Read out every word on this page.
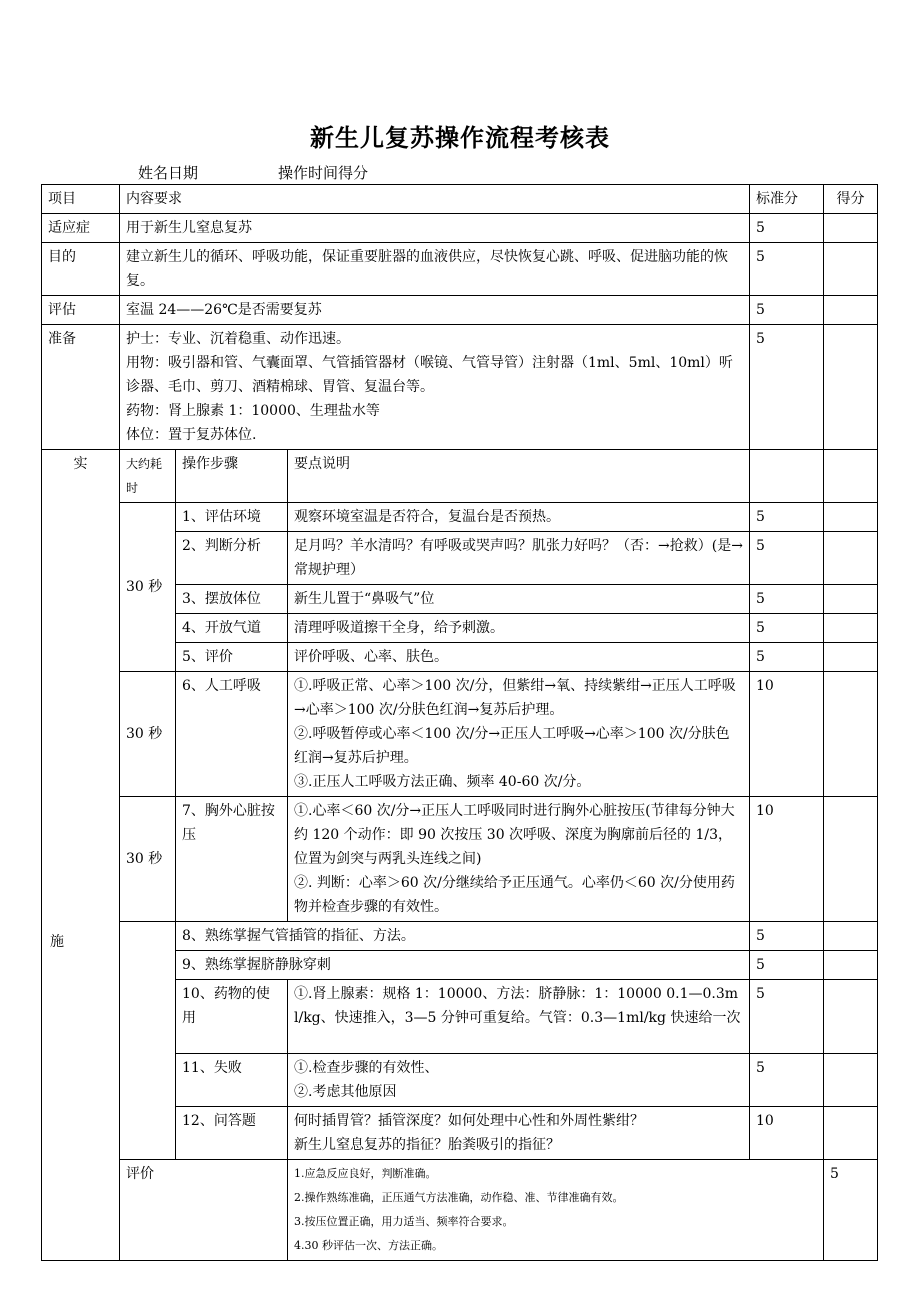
新生儿复苏操作流程考核表
姓名日期	操作时间得分
项目	内容要求			标准分	得分	
适应症	用于新生儿窒息复苏			5		
目的	建立新生儿的循环、呼吸功能，保证重要脏器的血液供应，尽快恢复心跳、呼吸、促进脑功能的恢复。			5		
评估	室温 24——26℃是否需要复苏			5		
准备	护士：专业、沉着稳重、动作迅速。
用物：吸引器和管、气囊面罩、气管插管器材（喉镜、气管导管）注射器（1ml、5ml、10ml）听诊器、毛巾、剪刀、酒精棉球、胃管、复温台等。
药物：肾上腺素 1：10000、生理盐水等
体位：置于复苏体位.			5		
实
施	大约耗时	操作步骤	要点说明			
	30 秒	1、评估环境	观察环境室温是否符合，复温台是否预热。	5		
		2、判断分析	足月吗？羊水清吗？有呼吸或哭声吗？肌张力好吗？（否：→抢救）(是→常规护理）	5		
		3、摆放体位	新生儿置于“鼻吸气”位	5		
		4、开放气道	清理呼吸道擦干全身，给予刺激。	5		
		5、评价	评价呼吸、心率、肤色。	5		
	30 秒	6、人工呼吸	①.呼吸正常、心率＞100 次/分，但紫绀→氧、持续紫绀→正压人工呼吸→心率＞100 次/分肤色红润→复苏后护理。
②.呼吸暂停或心率＜100 次/分→正压人工呼吸→心率＞100 次/分肤色红润→复苏后护理。
③.正压人工呼吸方法正确、频率 40-60 次/分。	10		
	30 秒	7、胸外心脏按压	①.心率＜60 次/分→正压人工呼吸同时进行胸外心脏按压(节律每分钟大约 120 个动作：即 90 次按压 30 次呼吸、深度为胸廓前后径的 1/3，位置为剑突与两乳头连线之间)
②. 判断：心率＞60 次/分继续给予正压通气。心率仍＜60 次/分使用药物并检查步骤的有效性。	10		
		8、熟练掌握气管插管的指征、方法。		5		
		9、熟练掌握脐静脉穿刺		5		
		10、药物的使用	①.肾上腺素：规格 1：10000、方法：脐静脉：1：10000 0.1—0.3ml/kg、快速推入，3—5 分钟可重复给。气管：0.3—1ml/kg 快速给一次	5		
		11、失败	①.检查步骤的有效性、
②.考虑其他原因	5		
		12、问答题	何时插胃管？插管深度？如何处理中心性和外周性紫绀？
新生儿窒息复苏的指征？胎粪吸引的指征？	10		
	评价		1.应急反应良好，判断准确。
2.操作熟练准确，正压通气方法准确，动作稳、准、节律准确有效。
3.按压位置正确，用力适当、频率符合要求。
4.30 秒评估一次、方法正确。		5	
